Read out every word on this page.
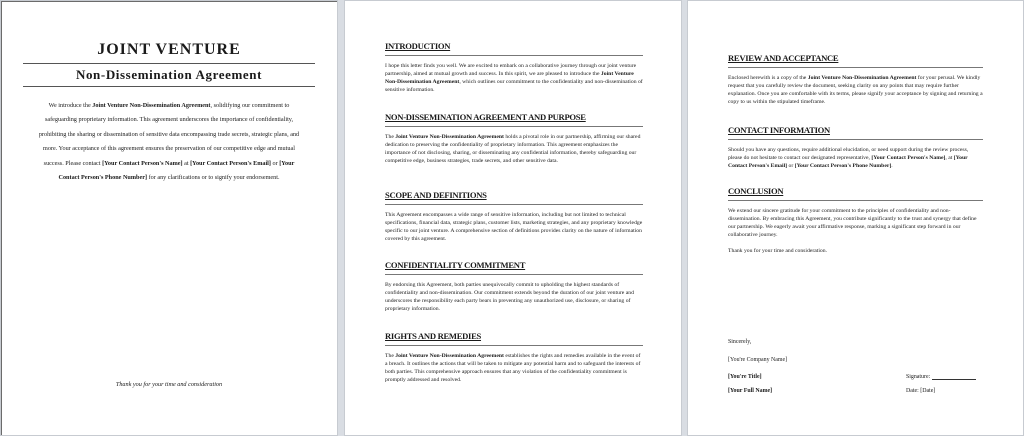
JOINT VENTURE
Non-Dissemination Agreement
We introduce the Joint Venture Non-Dissemination Agreement, solidifying our commitment to safeguarding proprietary information. This agreement underscores the importance of confidentiality, prohibiting the sharing or dissemination of sensitive data encompassing trade secrets, strategic plans, and more. Your acceptance of this agreement ensures the preservation of our competitive edge and mutual success. Please contact [Your Contact Person's Name] at [Your Contact Person's Email] or [Your Contact Person's Phone Number] for any clarifications or to signify your endorsement.
Thank you for your time and consideration
INTRODUCTION
I hope this letter finds you well. We are excited to embark on a collaborative journey through our joint venture partnership, aimed at mutual growth and success. In this spirit, we are pleased to introduce the Joint Venture Non-Dissemination Agreement, which outlines our commitment to the confidentiality and non-dissemination of sensitive information.
NON-DISSEMINATION AGREEMENT AND PURPOSE
The Joint Venture Non-Dissemination Agreement holds a pivotal role in our partnership, affirming our shared dedication to preserving the confidentiality of proprietary information. This agreement emphasizes the importance of not disclosing, sharing, or disseminating any confidential information, thereby safeguarding our competitive edge, business strategies, trade secrets, and other sensitive data.
SCOPE AND DEFINITIONS
This Agreement encompasses a wide range of sensitive information, including but not limited to technical specifications, financial data, strategic plans, customer lists, marketing strategies, and any proprietary knowledge specific to our joint venture. A comprehensive section of definitions provides clarity on the nature of information covered by this agreement.
CONFIDENTIALITY COMMITMENT
By endorsing this Agreement, both parties unequivocally commit to upholding the highest standards of confidentiality and non-dissemination. Our commitment extends beyond the duration of our joint venture and underscores the responsibility each party bears in preventing any unauthorized use, disclosure, or sharing of proprietary information.
RIGHTS AND REMEDIES
The Joint Venture Non-Dissemination Agreement establishes the rights and remedies available in the event of a breach. It outlines the actions that will be taken to mitigate any potential harm and to safeguard the interests of both parties. This comprehensive approach ensures that any violation of the confidentiality commitment is promptly addressed and resolved.
REVIEW AND ACCEPTANCE
Enclosed herewith is a copy of the Joint Venture Non-Dissemination Agreement for your perusal. We kindly request that you carefully review the document, seeking clarity on any points that may require further explanation. Once you are comfortable with its terms, please signify your acceptance by signing and returning a copy to us within the stipulated timeframe.
CONTACT INFORMATION
Should you have any questions, require additional elucidation, or need support during the review process, please do not hesitate to contact our designated representative, [Your Contact Person's Name], at [Your Contact Person's Email] or [Your Contact Person's Phone Number].
CONCLUSION
We extend our sincere gratitude for your commitment to the principles of confidentiality and non-dissemination. By embracing this Agreement, you contribute significantly to the trust and synergy that define our partnership. We eagerly await your affirmative response, marking a significant step forward in our collaborative journey.
Thank you for your time and consideration.
Sincerely,
[You're Company Name]
[You're Title]	Signature:
[Your Full Name]	Date: [Date]
